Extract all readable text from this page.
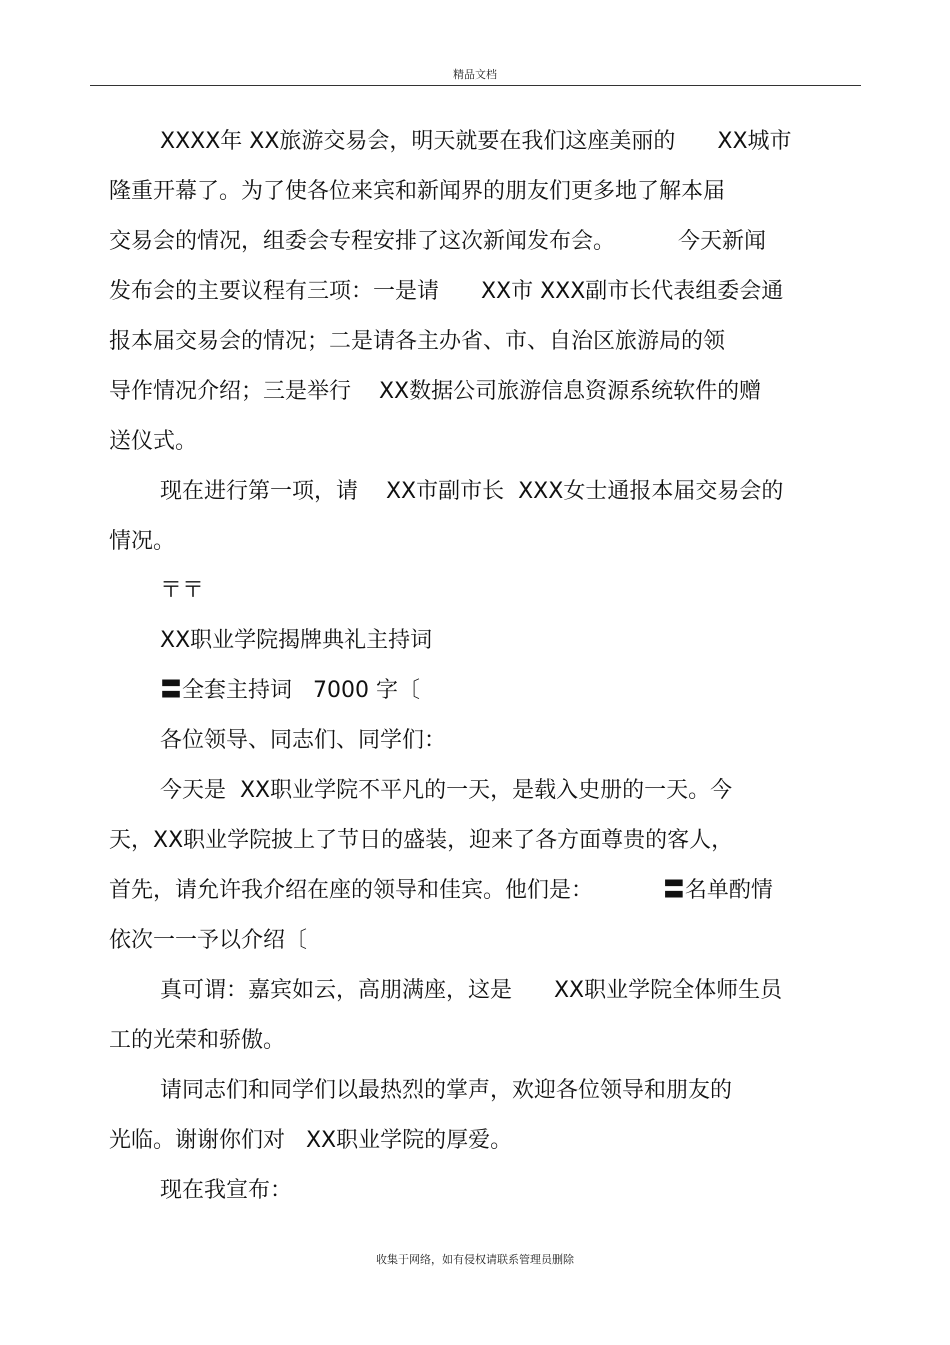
精品文档
XXXX年 XX旅游交易会，明天就要在我们这座美丽的      XX城市
隆重开幕了。为了使各位来宾和新闻界的朋友们更多地了解本届
交易会的情况，组委会专程安排了这次新闻发布会。         今天新闻
发布会的主要议程有三项：一是请      XX市 XXX副市长代表组委会通
报本届交易会的情况；二是请各主办省、市、自治区旅游局的领
导作情况介绍；三是举行    XX数据公司旅游信息资源系统软件的赠
送仪式。
现在进行第一项，请    XX市副市长  XXX女士通报本届交易会的
情况。
〒〒
XX职业学院揭牌典礼主持词
〓全套主持词   7000 字〔
各位领导、同志们、同学们：
今天是  XX职业学院不平凡的一天，是载入史册的一天。今
天，XX职业学院披上了节日的盛装，迎来了各方面尊贵的客人，
首先，请允许我介绍在座的领导和佳宾。他们是：          〓名单酌情
依次一一予以介绍〔
真可谓：嘉宾如云，高朋满座，这是      XX职业学院全体师生员
工的光荣和骄傲。
请同志们和同学们以最热烈的掌声，欢迎各位领导和朋友的
光临。谢谢你们对   XX职业学院的厚爱。
现在我宣布：
收集于网络，如有侵权请联系管理员删除
